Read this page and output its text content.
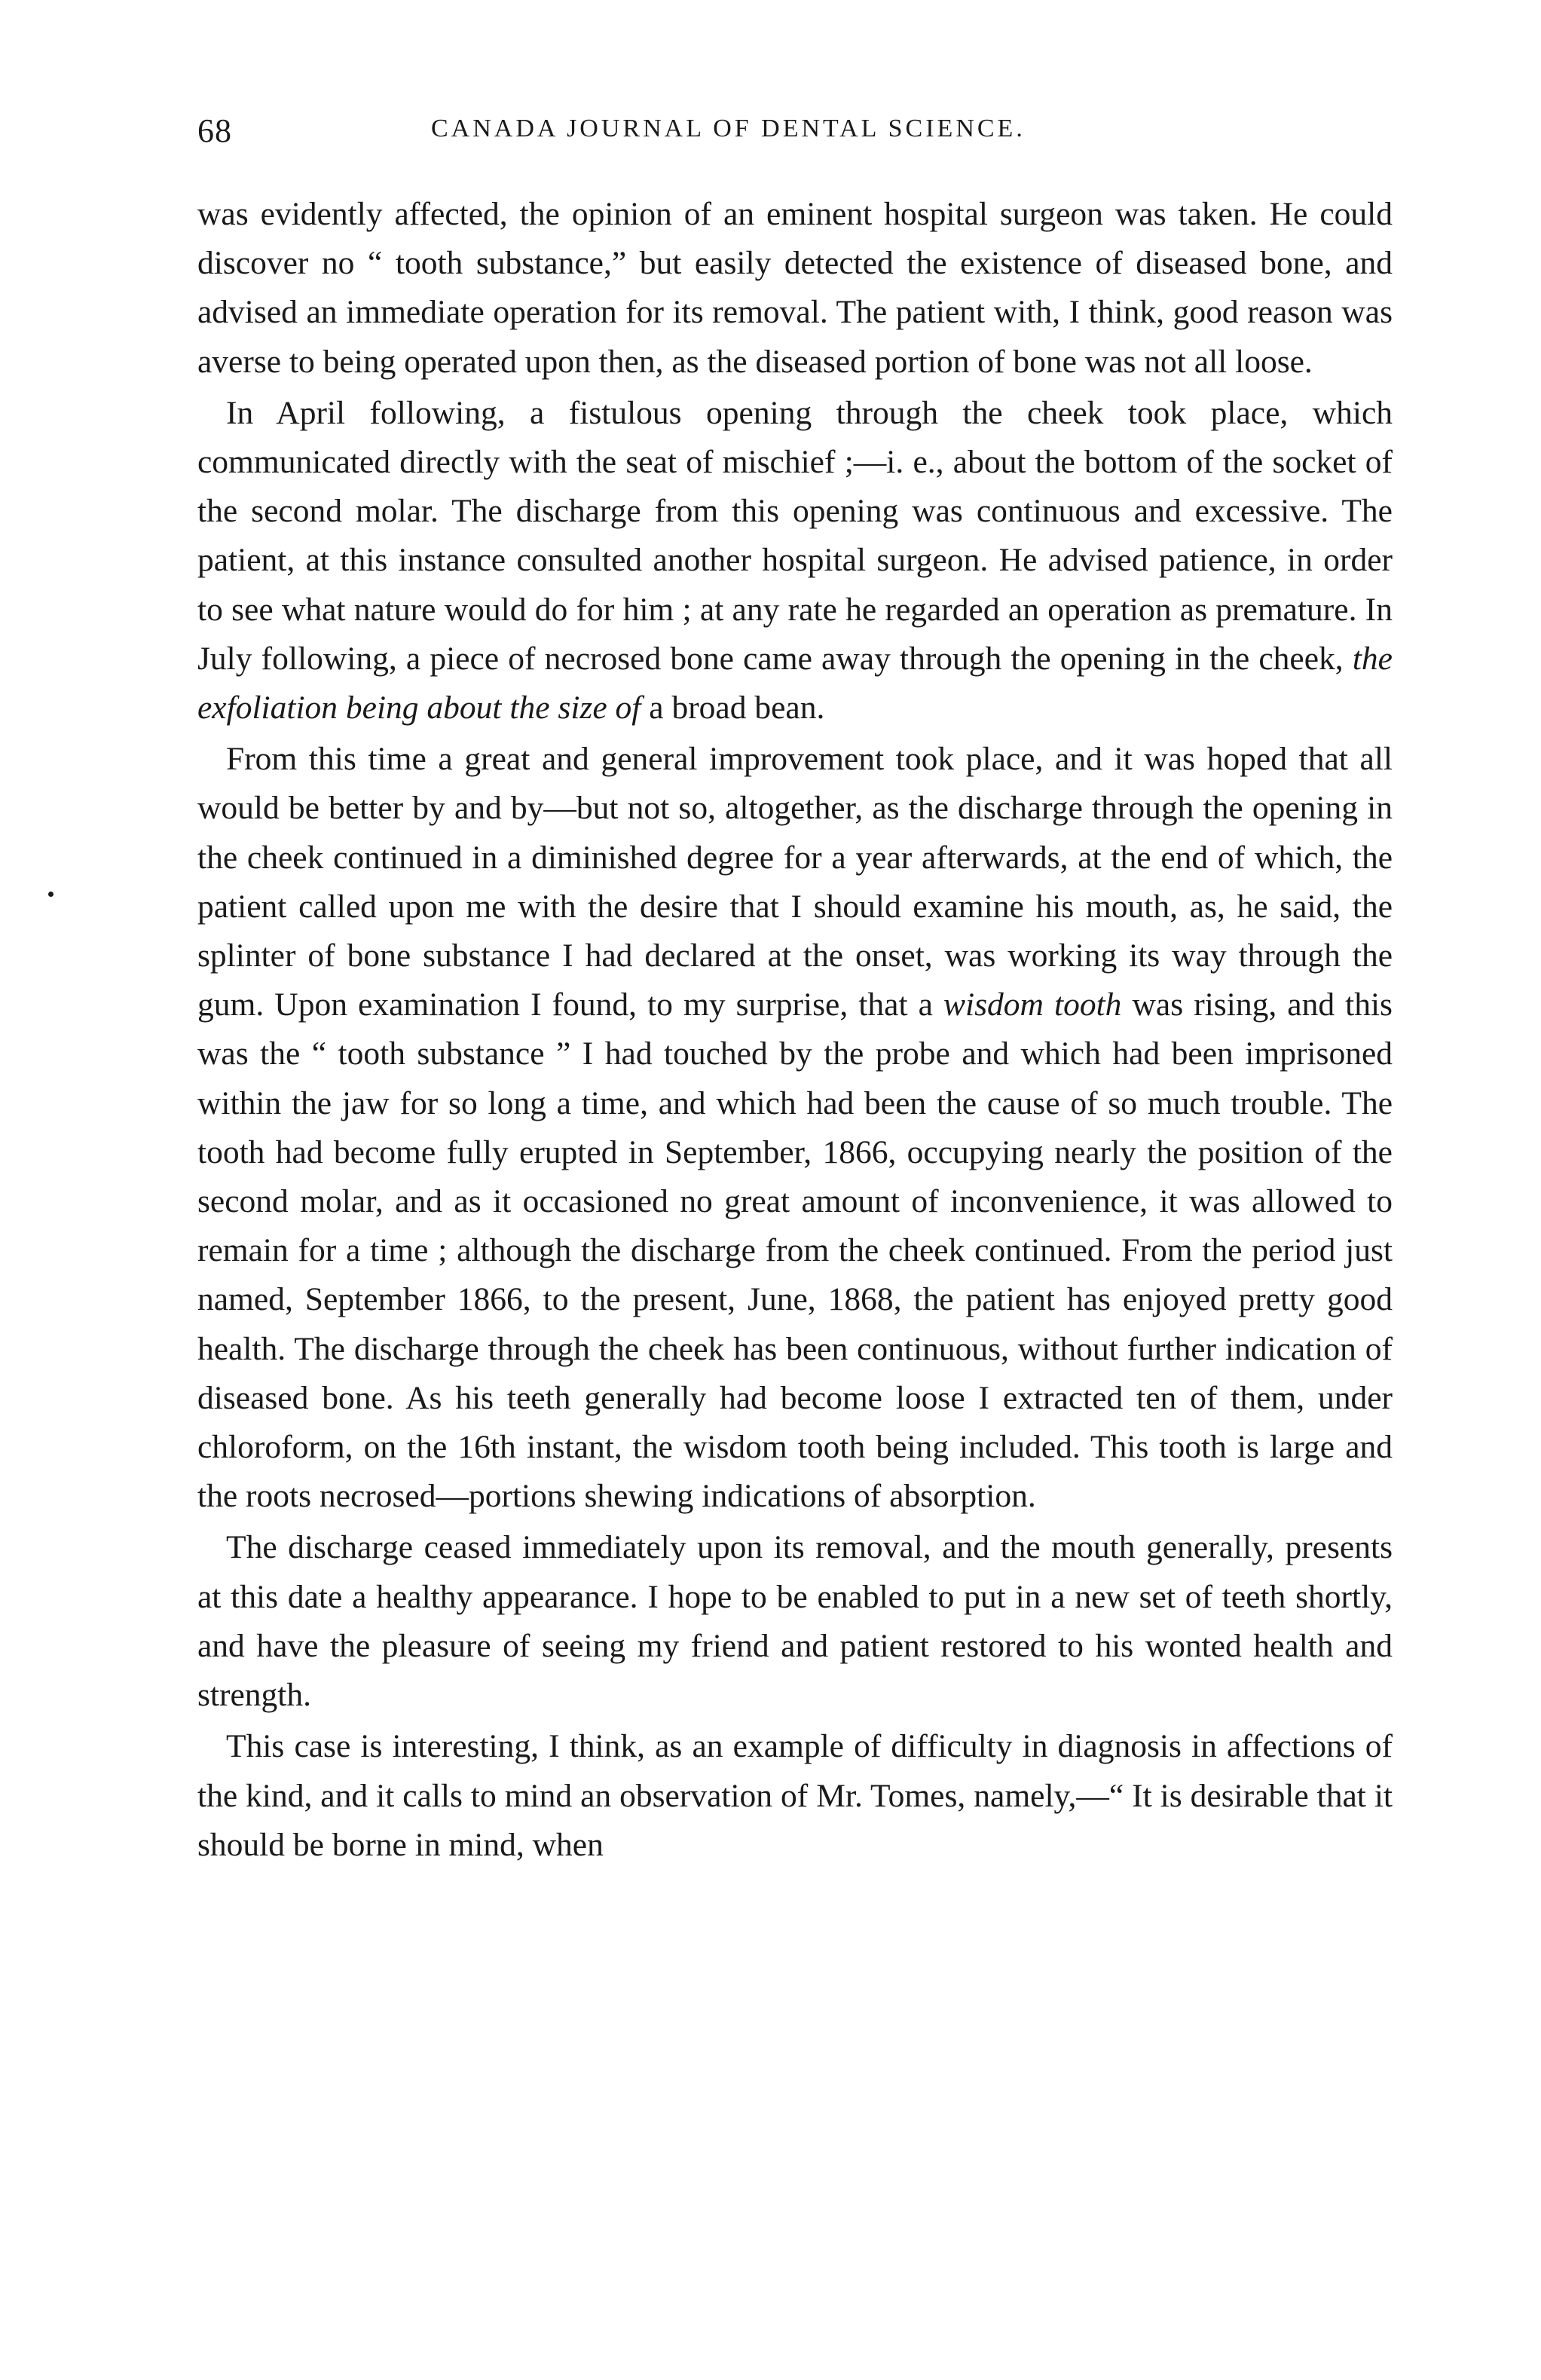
68	CANADA JOURNAL OF DENTAL SCIENCE.

was evidently affected, the opinion of an eminent hospital surgeon was taken. He could discover no “ tooth substance,” but easily detected the existence of diseased bone, and advised an immediate operation for its removal. The patient with, I think, good reason was averse to being operated upon then, as the diseased portion of bone was not all loose.

In April following, a fistulous opening through the cheek took place, which communicated directly with the seat of mischief ;—i. e., about the bottom of the socket of the second molar. The discharge from this opening was continuous and excessive. The patient, at this instance consulted another hospital surgeon. He advised patience, in order to see what nature would do for him ; at any rate he regarded an operation as premature. In July following, a piece of necrosed bone came away through the opening in the cheek, the exfoliation being about the size of a broad bean.

From this time a great and general improvement took place, and it was hoped that all would be better by and by—but not so, altogether, as the discharge through the opening in the cheek continued in a diminished degree for a year afterwards, at the end of which, the patient called upon me with the desire that I should examine his mouth, as, he said, the splinter of bone substance I had declared at the onset, was working its way through the gum. Upon examination I found, to my surprise, that a wisdom tooth was rising, and this was the “ tooth substance ” I had touched by the probe and which had been imprisoned within the jaw for so long a time, and which had been the cause of so much trouble. The tooth had become fully erupted in September, 1866, occupying nearly the position of the second molar, and as it occasioned no great amount of inconvenience, it was allowed to remain for a time ; although the discharge from the cheek continued. From the period just named, September 1866, to the present, June, 1868, the patient has enjoyed pretty good health. The discharge through the cheek has been continuous, without further indication of diseased bone. As his teeth generally had become loose I extracted ten of them, under chloroform, on the 16th instant, the wisdom tooth being included. This tooth is large and the roots necrosed—portions shewing indications of absorption.

The discharge ceased immediately upon its removal, and the mouth generally, presents at this date a healthy appearance. I hope to be enabled to put in a new set of teeth shortly, and have the pleasure of seeing my friend and patient restored to his wonted health and strength.

This case is interesting, I think, as an example of difficulty in diagnosis in affections of the kind, and it calls to mind an observation of Mr. Tomes, namely,—“ It is desirable that it should be borne in mind, when
